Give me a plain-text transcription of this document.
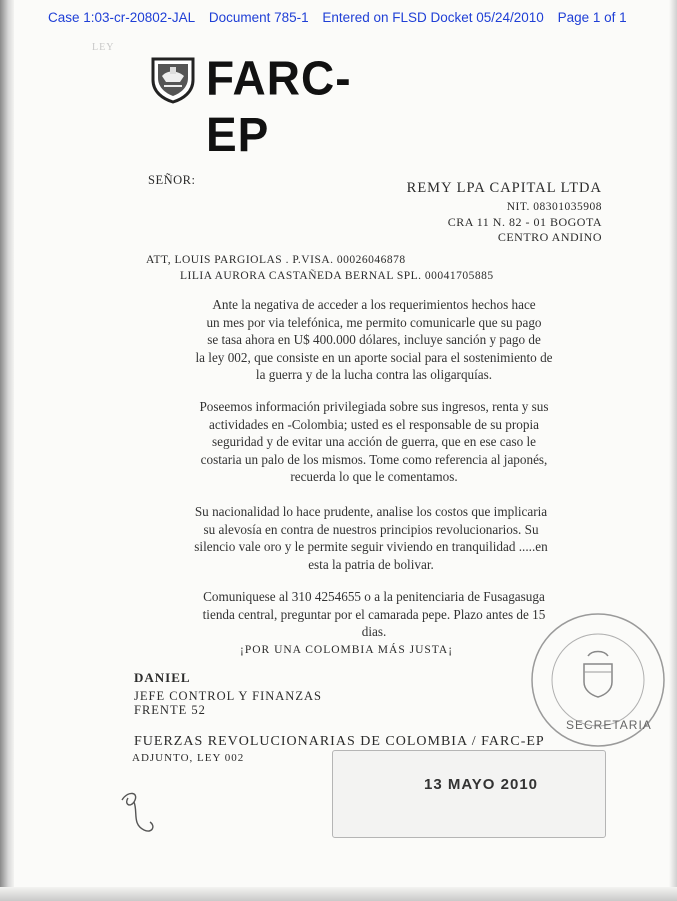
Case 1:03-cr-20802-JAL Document 785-1 Entered on FLSD Docket 05/24/2010 Page 1 of 1
LEY
FARC-EP
SEÑOR:	REMY LPA CAPITAL LTDA
NIT. 08301035908
CRA 11 N. 82 - 01 BOGOTA
CENTRO ANDINO
ATT, LOUIS PARGIOLAS . P.VISA. 00026046878
LILIA AURORA CASTAÑEDA BERNAL SPL. 00041705885
Ante la negativa de acceder a los requerimientos hechos hace
un mes por via telefónica, me permito comunicarle que su pago
se tasa ahora en U$ 400.000 dólares, incluye sanción y pago de
la ley 002, que consiste en un aporte social para el sostenimiento de
la guerra y de la lucha contra las oligarquías.
Poseemos información privilegiada sobre sus ingresos, renta y sus
actividades en -Colombia; usted es el responsable de su propia
seguridad y de evitar una acción de guerra, que en ese caso le
costaria un palo de los mismos. Tome como referencia al japonés,
recuerda lo que le comentamos.
Su nacionalidad lo hace prudente, analise los costos que implicaria
su alevosía en contra de nuestros principios revolucionarios. Su
silencio vale oro y le permite seguir viviendo en tranquilidad .....en
esta la patria de bolivar.
Comuniquese al 310 4254655 o a la penitenciaria de Fusagasuga
tienda central, preguntar por el camarada pepe. Plazo antes de 15
dias.
¡POR UNA COLOMBIA MÁS JUSTA¡
DANIEL
JEFE CONTROL Y FINANZAS
FRENTE 52
FUERZAS REVOLUCIONARIAS DE COLOMBIA / FARC-EP
ADJUNTO, LEY 002
SECRETARIA
13 MAYO 2010
